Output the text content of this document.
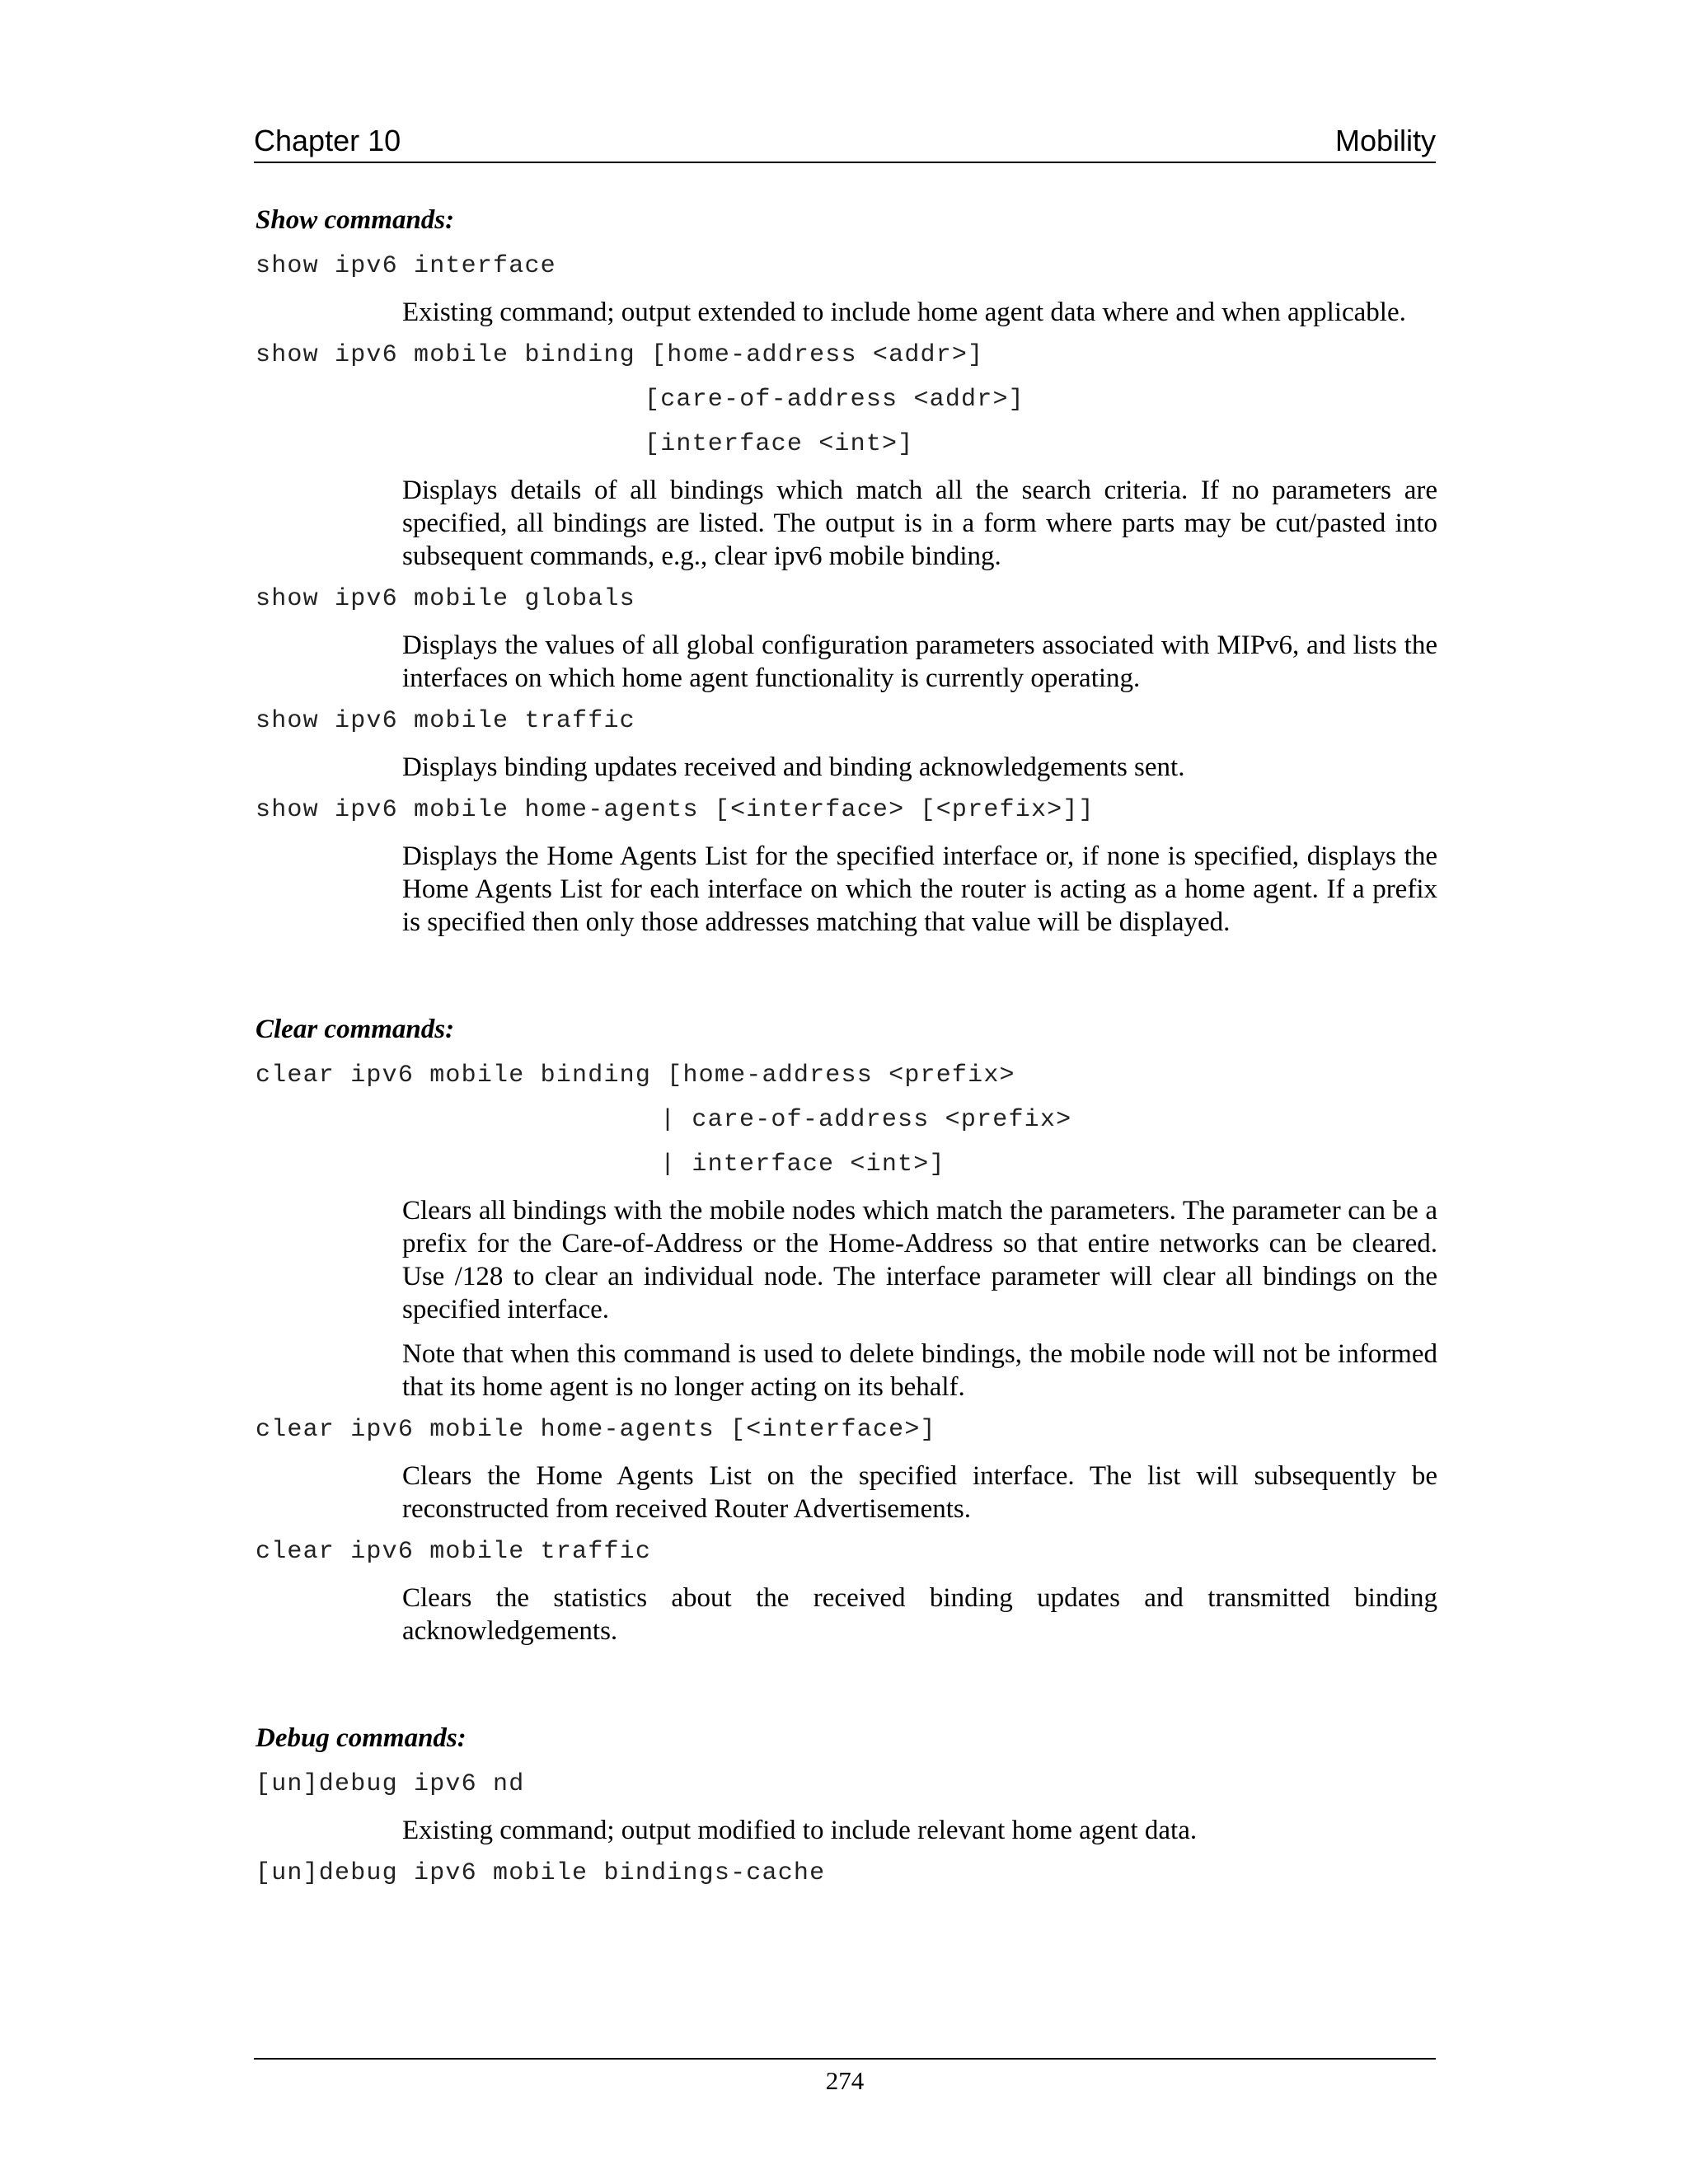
Chapter 10	Mobility
Show commands:
show ipv6 interface
Existing command; output extended to include home agent data where and when applicable.
show ipv6 mobile binding [home-address <addr>]
[care-of-address <addr>]
[interface <int>]
Displays details of all bindings which match all the search criteria. If no parameters are specified, all bindings are listed. The output is in a form where parts may be cut/pasted into subsequent commands, e.g., clear ipv6 mobile binding.
show ipv6 mobile globals
Displays the values of all global configuration parameters associated with MIPv6, and lists the interfaces on which home agent functionality is currently operating.
show ipv6 mobile traffic
Displays binding updates received and binding acknowledgements sent.
show ipv6 mobile home-agents [<interface> [<prefix>]]
Displays the Home Agents List for the specified interface or, if none is specified, displays the Home Agents List for each interface on which the router is acting as a home agent. If a prefix is specified then only those addresses matching that value will be displayed.
Clear commands:
clear ipv6 mobile binding [home-address <prefix>
| care-of-address <prefix>
| interface <int>]
Clears all bindings with the mobile nodes which match the parameters. The parameter can be a prefix for the Care-of-Address or the Home-Address so that entire networks can be cleared. Use /128 to clear an individual node. The interface parameter will clear all bindings on the specified interface.
Note that when this command is used to delete bindings, the mobile node will not be informed that its home agent is no longer acting on its behalf.
clear ipv6 mobile home-agents [<interface>]
Clears the Home Agents List on the specified interface. The list will subsequently be reconstructed from received Router Advertisements.
clear ipv6 mobile traffic
Clears the statistics about the received binding updates and transmitted binding acknowledgements.
Debug commands:
[un]debug ipv6 nd
Existing command; output modified to include relevant home agent data.
[un]debug ipv6 mobile bindings-cache
274
